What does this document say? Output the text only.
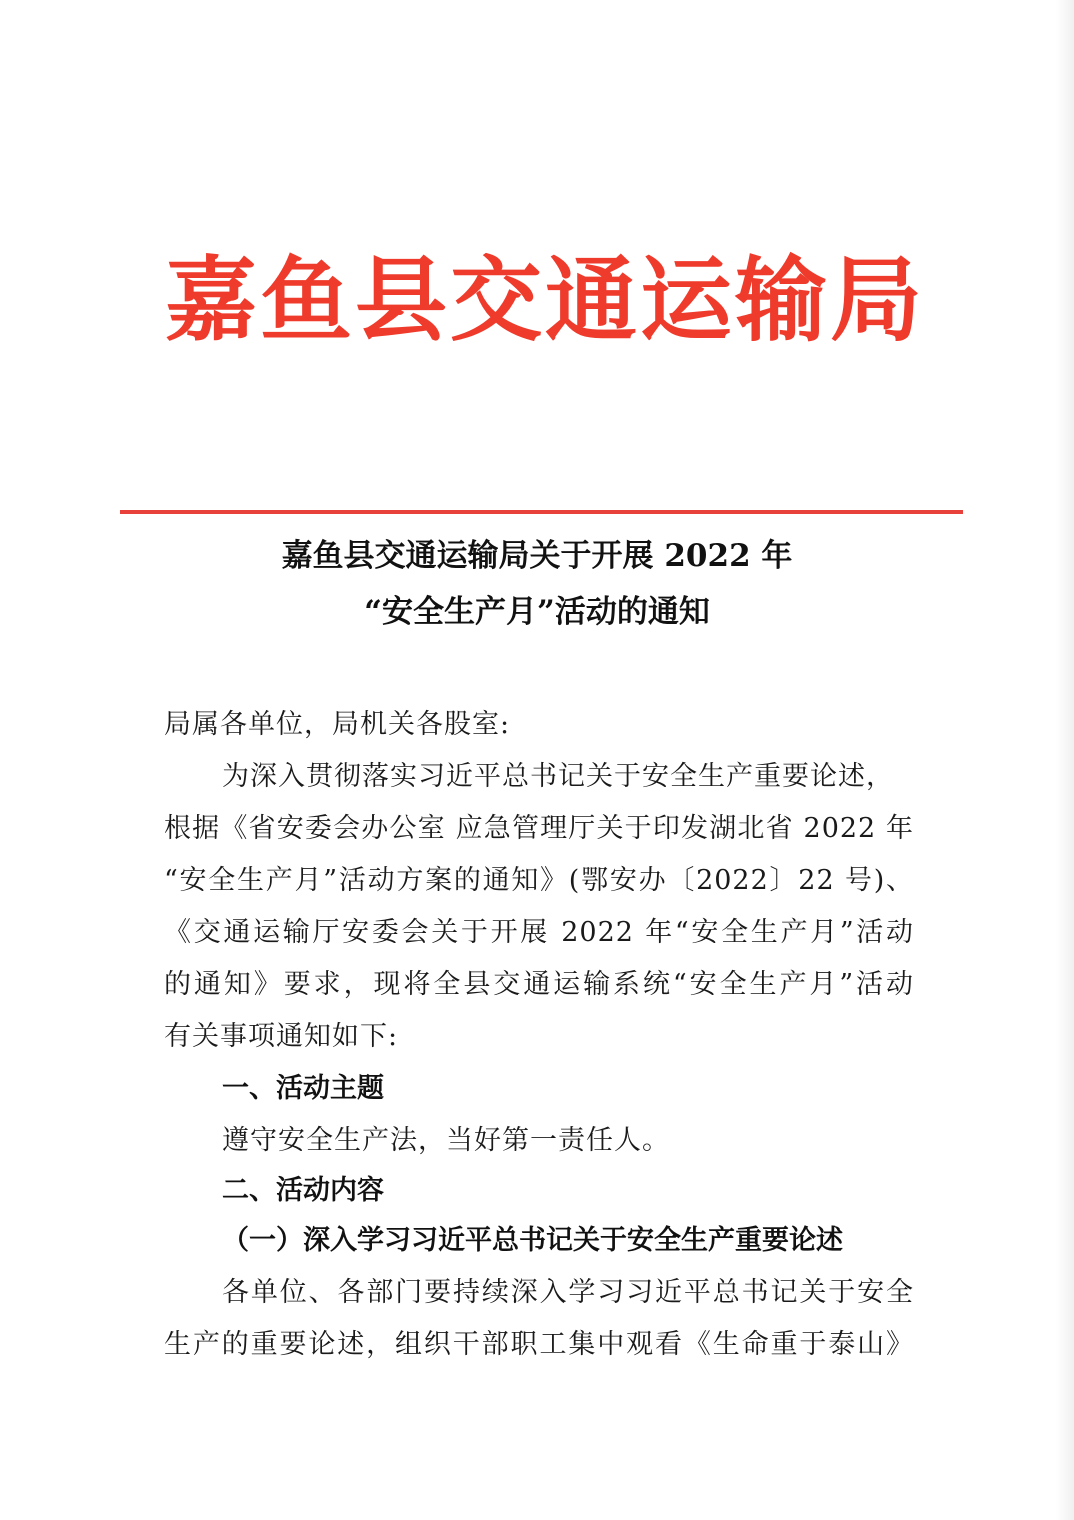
嘉鱼县交通运输局
嘉鱼县交通运输局关于开展 2022 年
“安全生产月”活动的通知
局属各单位，局机关各股室:
为深入贯彻落实习近平总书记关于安全生产重要论述，
根据《省安委会办公室 应急管理厅关于印发湖北省 2022 年
“安全生产月”活动方案的通知》(鄂安办〔2022〕22 号)、
《交通运输厅安委会关于开展 2022 年“安全生产月”活动
的通知》要求，现将全县交通运输系统“安全生产月”活动
有关事项通知如下:
一、活动主题
遵守安全生产法，当好第一责任人。
二、活动内容
（一）深入学习习近平总书记关于安全生产重要论述
各单位、各部门要持续深入学习习近平总书记关于安全
生产的重要论述，组织干部职工集中观看《生命重于泰山》
